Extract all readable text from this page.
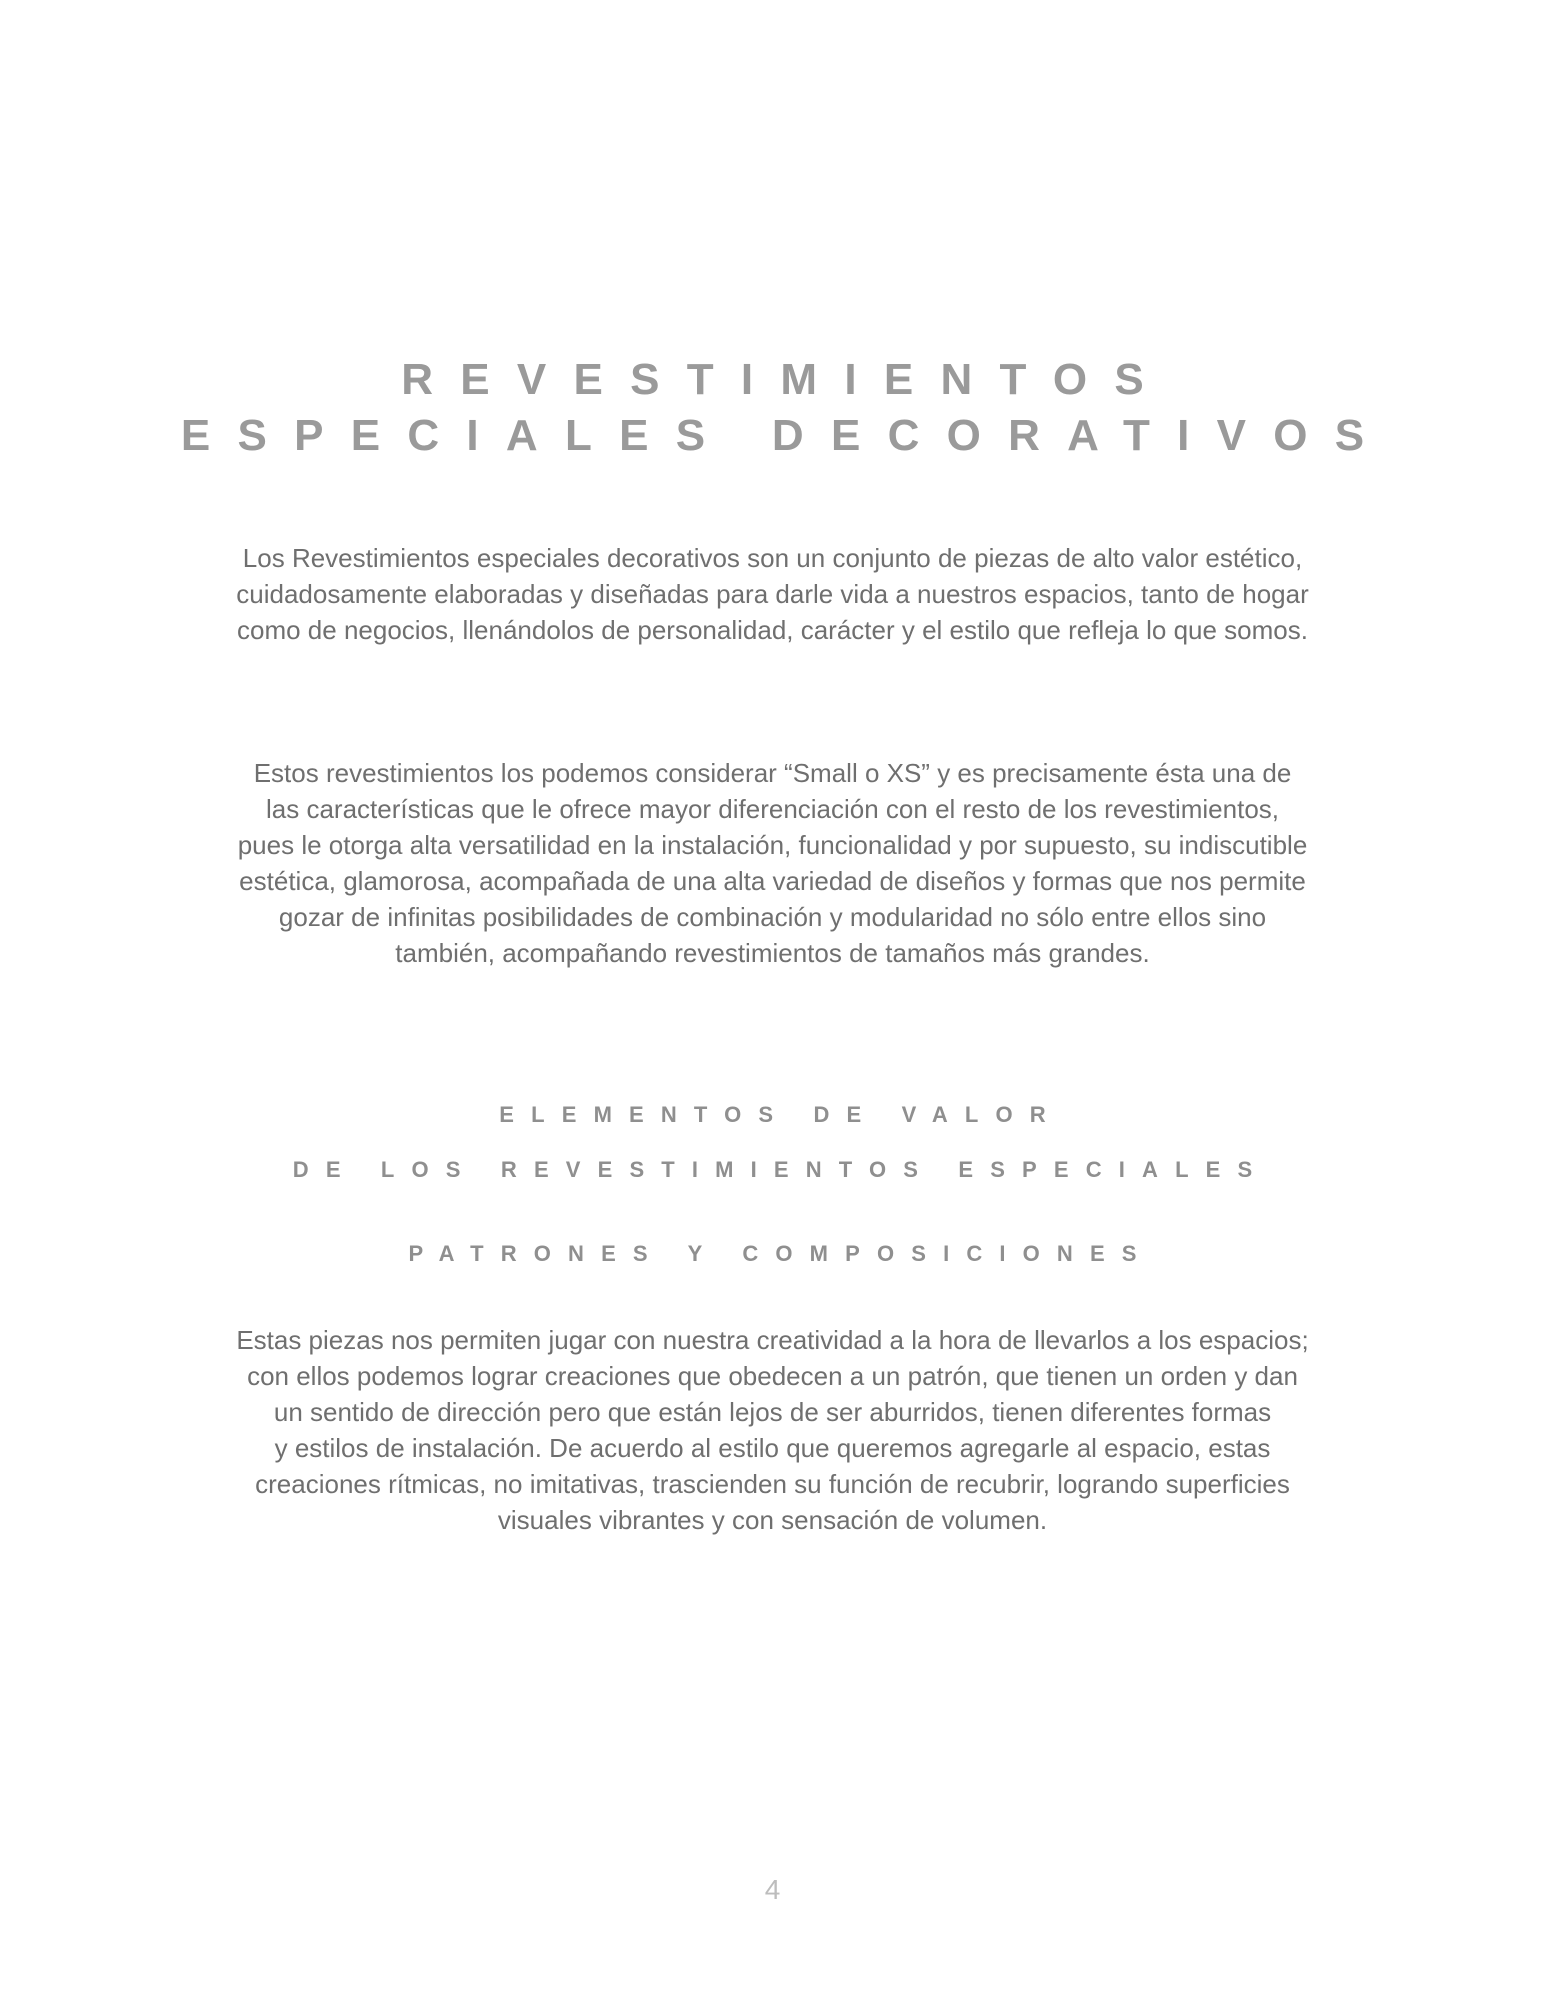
REVESTIMIENTOS
ESPECIALES DECORATIVOS

Los Revestimientos especiales decorativos son un conjunto de piezas de alto valor estético,
cuidadosamente elaboradas y diseñadas para darle vida a nuestros espacios, tanto de hogar
como de negocios, llenándolos de personalidad, carácter y el estilo que refleja lo que somos.

Estos revestimientos los podemos considerar “Small o XS” y es precisamente ésta una de
las características que le ofrece mayor diferenciación con el resto de los revestimientos,
pues le otorga alta versatilidad en la instalación, funcionalidad y por supuesto, su indiscutible
estética, glamorosa, acompañada de una alta variedad de diseños y formas que nos permite
gozar de infinitas posibilidades de combinación y modularidad no sólo entre ellos sino
también, acompañando revestimientos de tamaños más grandes.

ELEMENTOS DE VALOR
DE LOS REVESTIMIENTOS ESPECIALES
PATRONES Y COMPOSICIONES

Estas piezas nos permiten jugar con nuestra creatividad a la hora de llevarlos a los espacios;
con ellos podemos lograr creaciones que obedecen a un patrón, que tienen un orden y dan
un sentido de dirección pero que están lejos de ser aburridos, tienen diferentes formas
y estilos de instalación. De acuerdo al estilo que queremos agregarle al espacio, estas
creaciones rítmicas, no imitativas, trascienden su función de recubrir, logrando superficies
visuales vibrantes y con sensación de volumen.

4
